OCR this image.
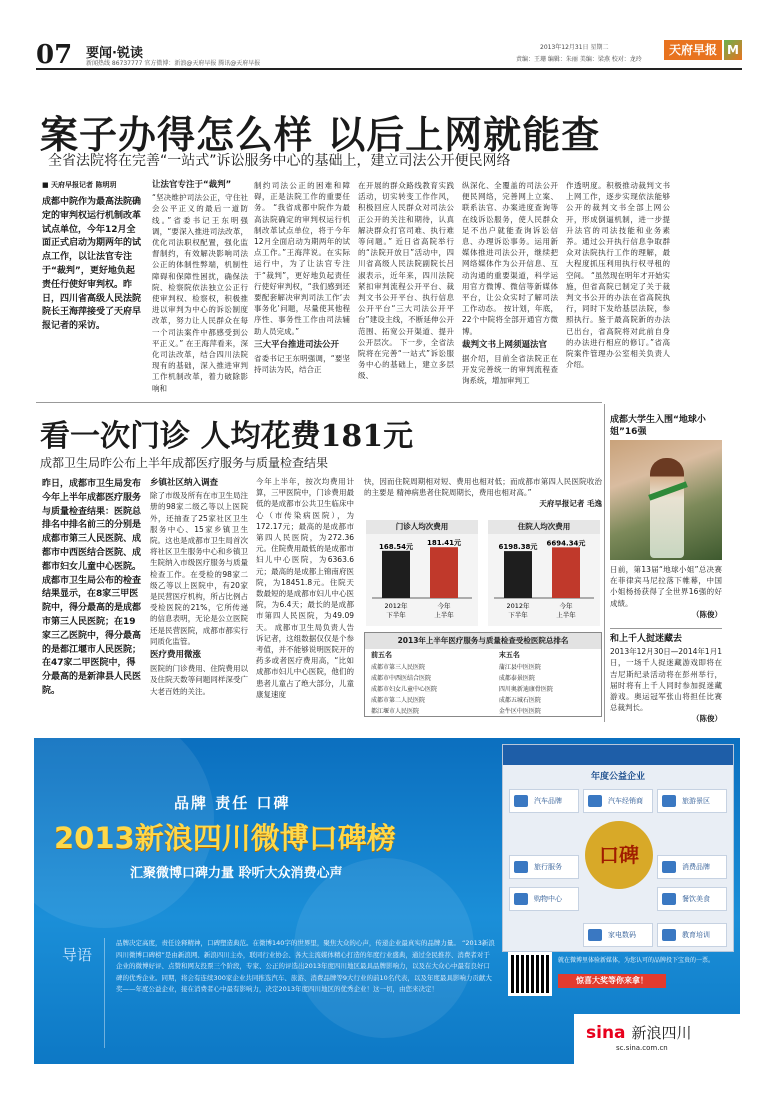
07 要闻·锐读
新闻热线 86737777 官方微博：新浪@天府早报 腾讯@天府早报
2013年12月31日 星期二
责编：王珊 编辑：朱丽 美编：梁燕 校对：龙玲
天府早报 M
案子办得怎么样 以后上网就能查
全省法院将在完善“一站式”诉讼服务中心的基础上，建立司法公开便民网络
■ 天府早报记者 陈明玥
成都中院作为最高法院确定的审判权运行机制改革试点单位，今年12月全面正式启动为期两年的试点工作，以让法官专注于“裁判”，更好地负起责任行使好审判权。昨日，四川省高级人民法院院长王海萍接受了天府早报记者的采访。
让法官专注于“裁判”
“坚决维护司法公正，守住社会公平正义的最后一道防线。”省委书记王东明强调，“要深入推进司法改革，优化司法职权配置，强化监督制约，有效解决影响司法公正的体制性弊端，机制性障碍和保障性困扰，确保法院、检察院依法独立公正行使审判权、检察权，积极推进以审判为中心的诉讼制度改革，努力让人民群众在每一个司法案件中都感受到公平正义。” 在王海萍看来，深化司法改革，结合四川法院现有的基础，深入推进审判工作机制改革，着力破除影响和
制约司法公正的困难和障碍，正是法院工作的重要任务。 “我省成都中院作为最高法院确定的审判权运行机制改革试点单位，将于今年12月全面启动为期两年的试点工作。”王海萍说。在实际运行中，为了让法官专注于“裁判”，更好地负起责任行使好审判权，“我们感到还要配套解决审判司法工作‘去事务化’问题，尽量使其他程序性、事务性工作由司法辅助人员完成。”
三大平台推进司法公开
省委书记王东明强调，“要坚持司法为民，结合正
在开展的群众路线教育实践活动，切实转变工作作风，积极回应人民群众对司法公正公开的关注和期待，认真解决群众打官司难、执行难等问题。” 近日省高院举行的“法院开放日”活动中，四川省高级人民法院副院长吕淑表示，近年来，四川法院紧扣审判流程公开平台、裁判文书公开平台、执行信息公开平台“三大司法公开平台”建设主线，不断延伸公开范围、拓宽公开渠道、提升公开层次。 下一步，全省法院将在完善“一站式”诉讼服务中心的基础上，建立多层级、
纵深化、全覆盖的司法公开便民网络，完善网上立案、联系法官、办案进度查询等在线诉讼服务，使人民群众足不出户就能查询诉讼信息、办理诉讼事务。运用新媒体推进司法公开，继续把网络媒体作为公开信息、互动沟通的重要渠道，科学运用官方微博、微信等新媒体平台，让公众实时了解司法工作动态。 按计划，年底，22个中院将全部开通官方微博。
裁判文书上网须逼法官
据介绍，目前全省法院正在开发完善统一的审判流程查询系统，增加审判工
作透明度。积极推动裁判文书上网工作，逐步实现依法能够公开的裁判文书全部上网公开，形成倒逼机制，进一步提升法官的司法技能和业务素养。通过公开执行信息争取群众对法院执行工作的理解，最大程度抓压利用执行权寻租的空间。 “虽然现在明年才开始实施，但省高院已制定了关于裁判文书公开的办法在省高院执行，同时下发给基层法院，参照执行。鉴于最高院新的办法已出台，省高院将对此前自身的办法进行相应的修订。”省高院案件管理办公室相关负责人介绍。
看一次门诊 人均花费181元
成都卫生局昨公布上半年成都医疗服务与质量检查结果
昨日，成都市卫生局发布今年上半年成都医疗服务与质量检查结果：医院总排名中排名前三的分别是成都市第三人民医院、成都市中西医结合医院、成都市妇女儿童中心医院。 成都市卫生局公布的检查结果显示，在8家三甲医院中，得分最高的是成都市第三人民医院；在19家三乙医院中，得分最高的是都江堰市人民医院；在47家二甲医院中，得分最高的是新津县人民医院。
乡镇社区纳入调查
除了市级及所有在市卫生局注册的98家二级乙等以上医院外，还抽查了25家社区卫生服务中心、15家乡镇卫生院。这也是成都市卫生局首次将社区卫生服务中心和乡镇卫生院纳入市级医疗服务与质量检查工作。在受检的98家二级乙等以上医院中，有20家是民营医疗机构，所占比例占受检医院的21%，它所传递的信息表明，无论是公立医院还是民营医院，成都市都实行同质化监管。
医疗费用微涨
医院的门诊费用、住院费用以及住院天数等问题同样深受广大老百姓的关注。
今年上半年，按次均费用计算，三甲医院中，门诊费用最低的是成都市公共卫生临床中心（市传染病医院），为172.17元；最高的是成都市第四人民医院，为272.36元。住院费用最低的是成都市妇儿中心医院，为6363.6元；最高的是成都上锦南府医院，为18451.8元。住院天数最短的是成都市妇儿中心医院，为6.4天；最长的是成都市第四人民医院，为49.09天。 成都市卫生局负责人告诉记者，这组数据仅仅是个参考值，并不能够说明医院开的药多或者医疗费用高，“比如成都市妇儿中心医院，他们的患者儿童占了绝大部分，儿童康复速度
快，因而住院周期相对短、费用也相对低；而成都市第四人民医院收治的主要是 精神病患者住院周期长，费用也相对高。”
天府早报记者 毛逸
门诊人均次费用	住院人均次费用
168.54元
2012年
下半年
181.41元
今年
上半年
6198.38元
2012年
下半年
6694.34元
今年
上半年
2013年上半年医疗服务与质量检查受检医院总排名
前五名	末五名
成都市第三人民医院	蒲江县中医医院
成都市中西医结合医院	成都泰景医院
成都市妇女儿童中心医院	四川奥新迪康骨医院
成都市第二人民医院	成都五城石医院
都江堰市人民医院	金牛区中医医院
成都大学生入围“地球小姐”16强
日前，第13届“地球小姐”总决赛在菲律宾马尼拉落下帷幕，中国小姐杨扬获得了全世界16强的好成绩。
（陈俊）
和上千人挝迷藏去
2013年12月30日—2014年1月1日，一场千人捉迷藏游戏即将在吉尼斯纪录活动将在彭州举行，届时将有上千人同时参加捉迷藏游戏。奥运冠军张山将担任比赛总裁判长。
（陈俊）
品牌 责任 口碑
2013新浪四川微博口碑榜
汇聚微博口碑力量 聆听大众消费心声
导语
品牌决定高度，责任诠释精神，口碑塑造典范。在微博140字的世界里，聚焦大众的心声，传递企业最真实的品牌力量。 “2013新浪四川微博口碑榜”是由新浪网、新浪四川主办，联同行业协会、各大主流媒体精心打造的年度行业盛典，通过全民推荐、消费者对于企业的微博好评、点赞和网友投票三个阶段，专家、公正的评选出2013年度四川地区最具品牌影响力，以及在大众心中最有良好口碑的优秀企业。同期，将会有连续300家企业共同推选汽车、旅游、消费品牌等9大行业的前10名代表，以及年度最具影响力贡献大奖——年度公益企业，接在消费者心中最有影响力，决定2013年度四川地区的优秀企业！这一切，由您来决定！
年度公益企业
汽车品牌	汽车经销商	旅游景区
旅行服务	消费品牌
购物中心	餐饮美食
家电数码	教育培训
口碑
就在微博里体验新媒体，为您认可的品牌投下宝贵的一票。
惊喜大奖等你来拿！
sina 新浪四川
sc.sina.com.cn
